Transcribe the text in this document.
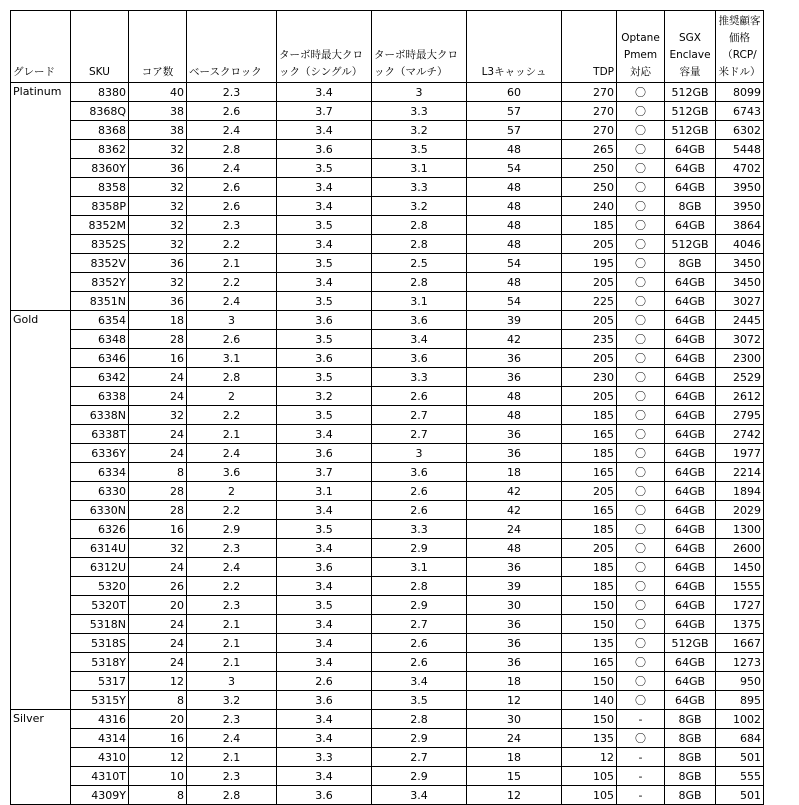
グレード	SKU	コア数	ベースクロック	ターボ時最大クロック（シングル）	ターボ時最大クロック（マルチ）	L3キャッシュ	TDP	Optane Pmem対応	SGX Enclave容量	推奨顧客価格（RCP/米ドル）
Platinum	8380	40	2.3	3.4	3	60	270	〇	512GB	8099
	8368Q	38	2.6	3.7	3.3	57	270	〇	512GB	6743
	8368	38	2.4	3.4	3.2	57	270	〇	512GB	6302
	8362	32	2.8	3.6	3.5	48	265	〇	64GB	5448
	8360Y	36	2.4	3.5	3.1	54	250	〇	64GB	4702
	8358	32	2.6	3.4	3.3	48	250	〇	64GB	3950
	8358P	32	2.6	3.4	3.2	48	240	〇	8GB	3950
	8352M	32	2.3	3.5	2.8	48	185	〇	64GB	3864
	8352S	32	2.2	3.4	2.8	48	205	〇	512GB	4046
	8352V	36	2.1	3.5	2.5	54	195	〇	8GB	3450
	8352Y	32	2.2	3.4	2.8	48	205	〇	64GB	3450
	8351N	36	2.4	3.5	3.1	54	225	〇	64GB	3027
Gold	6354	18	3	3.6	3.6	39	205	〇	64GB	2445
	6348	28	2.6	3.5	3.4	42	235	〇	64GB	3072
	6346	16	3.1	3.6	3.6	36	205	〇	64GB	2300
	6342	24	2.8	3.5	3.3	36	230	〇	64GB	2529
	6338	24	2	3.2	2.6	48	205	〇	64GB	2612
	6338N	32	2.2	3.5	2.7	48	185	〇	64GB	2795
	6338T	24	2.1	3.4	2.7	36	165	〇	64GB	2742
	6336Y	24	2.4	3.6	3	36	185	〇	64GB	1977
	6334	8	3.6	3.7	3.6	18	165	〇	64GB	2214
	6330	28	2	3.1	2.6	42	205	〇	64GB	1894
	6330N	28	2.2	3.4	2.6	42	165	〇	64GB	2029
	6326	16	2.9	3.5	3.3	24	185	〇	64GB	1300
	6314U	32	2.3	3.4	2.9	48	205	〇	64GB	2600
	6312U	24	2.4	3.6	3.1	36	185	〇	64GB	1450
	5320	26	2.2	3.4	2.8	39	185	〇	64GB	1555
	5320T	20	2.3	3.5	2.9	30	150	〇	64GB	1727
	5318N	24	2.1	3.4	2.7	36	150	〇	64GB	1375
	5318S	24	2.1	3.4	2.6	36	135	〇	512GB	1667
	5318Y	24	2.1	3.4	2.6	36	165	〇	64GB	1273
	5317	12	3	2.6	3.4	18	150	〇	64GB	950
	5315Y	8	3.2	3.6	3.5	12	140	〇	64GB	895
Silver	4316	20	2.3	3.4	2.8	30	150	-	8GB	1002
	4314	16	2.4	3.4	2.9	24	135	〇	8GB	684
	4310	12	2.1	3.3	2.7	18	12	-	8GB	501
	4310T	10	2.3	3.4	2.9	15	105	-	8GB	555
	4309Y	8	2.8	3.6	3.4	12	105	-	8GB	501
